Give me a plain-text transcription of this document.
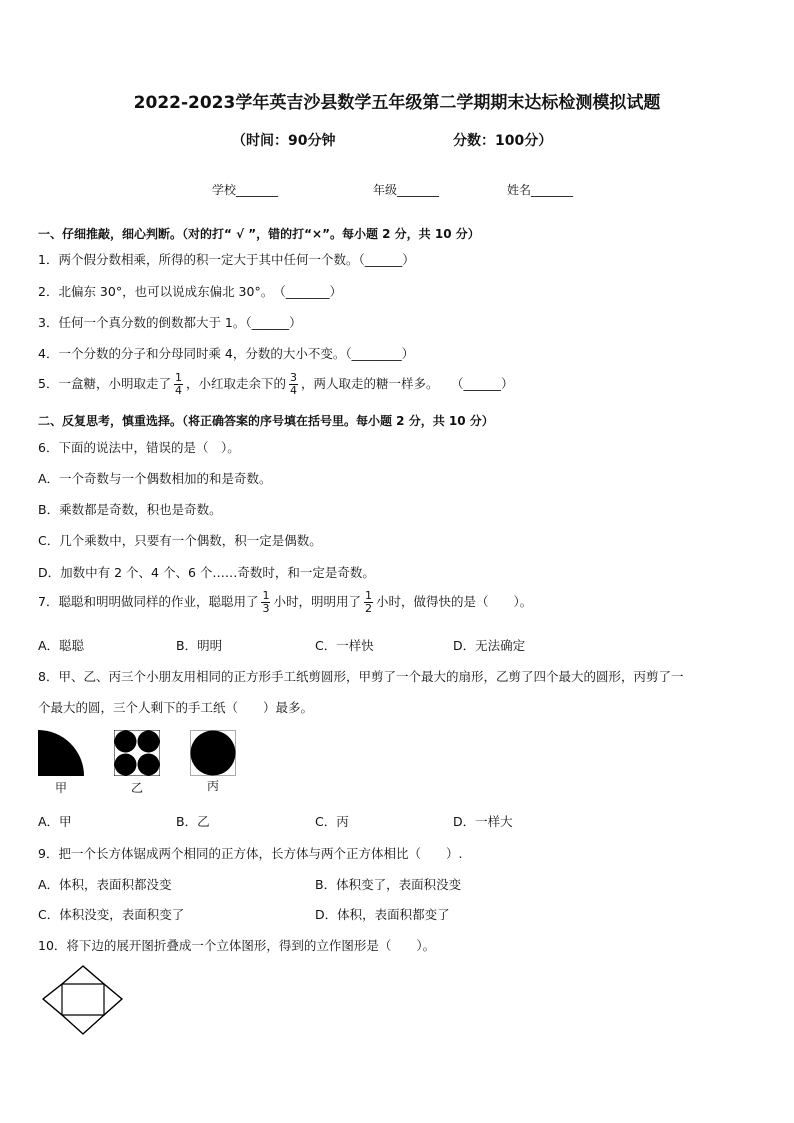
2022-2023学年英吉沙县数学五年级第二学期期末达标检测模拟试题
（时间：90分钟	分数：100分）
学校_______	年级_______	姓名_______
一、仔细推敲，细心判断。（对的打“ √ ”，错的打“×”。每小题 2 分，共 10 分）
1．两个假分数相乘，所得的积一定大于其中任何一个数。（______）
2．北偏东 30°，也可以说成东偏北 30°。　（_______）
3．任何一个真分数的倒数都大于 1。（______）
4．一个分数的分子和分母同时乘 4，分数的大小不变。（________）
5．一盒糖，小明取走了 $\frac{1}{4}$ ，小红取走余下的 $\frac{3}{4}$ ，两人取走的糖一样多。　　（______）
二、反复思考，慎重选择。（将正确答案的序号填在括号里。每小题 2 分，共 10 分）
6．下面的说法中，错误的是（　）。
A．一个奇数与一个偶数相加的和是奇数。
B．乘数都是奇数，积也是奇数。
C．几个乘数中，只要有一个偶数，积一定是偶数。
D．加数中有 2 个、4 个、6 个……奇数时，和一定是奇数。
7．聪聪和明明做同样的作业，聪聪用了 $\frac{1}{3}$ 小时，明明用了 $\frac{1}{2}$ 小时，做得快的是（　　）。
A．聪聪	B．明明	C．一样快	D．无法确定
8．甲、乙、丙三个小朋友用相同的正方形手工纸剪圆形，甲剪了一个最大的扇形，乙剪了四个最大的圆形，丙剪了一
个最大的圆，三个人剩下的手工纸（　　）最多。
甲	乙	丙
A．甲	B．乙	C．丙	D．一样大
9．把一个长方体锯成两个相同的正方体，长方体与两个正方体相比（　　）.
A．体积，表面积都没变	B．体积变了，表面积没变
C．体积没变，表面积变了	D．体积，表面积都变了
10．将下边的展开图折叠成一个立体图形，得到的立作图形是（　　）。
